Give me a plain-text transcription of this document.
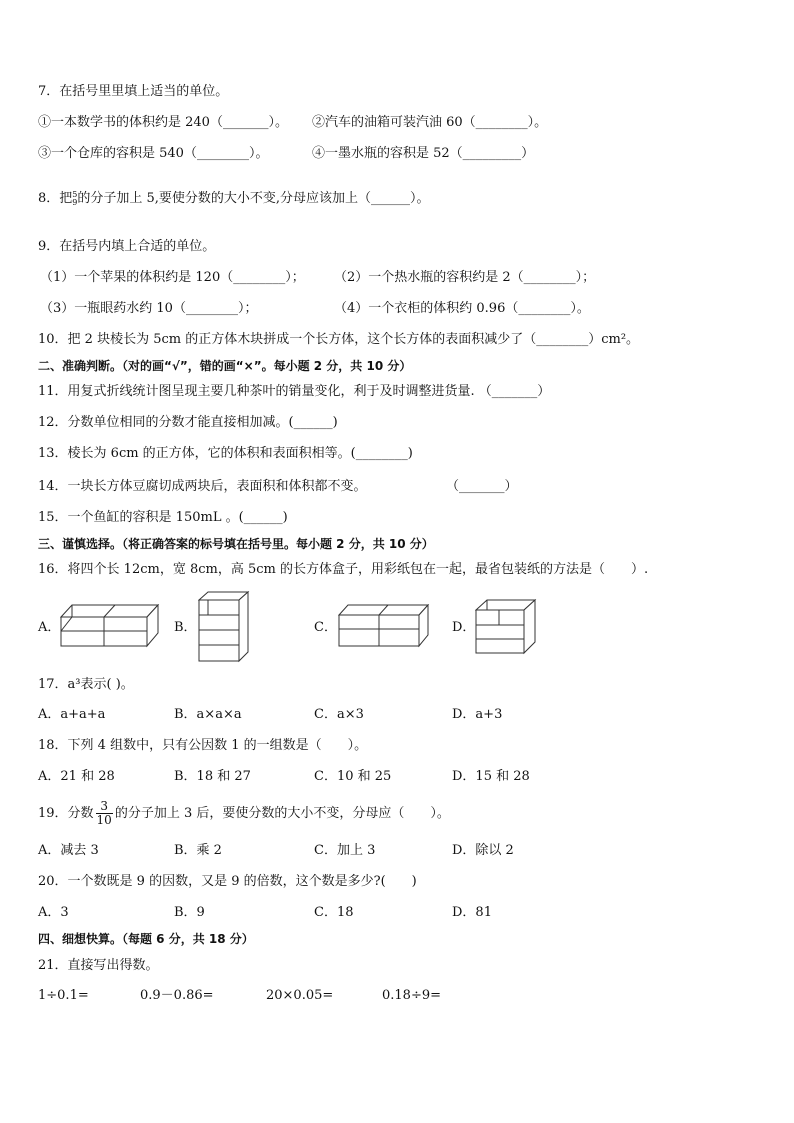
7．在括号里里填上适当的单位。
①一本数学书的体积约是 240（_______）。 ②汽车的油箱可装汽油 60（________）。
③一个仓库的容积是 540（________）。	④一墨水瓶的容积是 52（_________）
8．把 5
9 的分子加上 5,要使分数的大小不变,分母应该加上（______）。
9．在括号内填上合适的单位。
（1）一个苹果的体积约是 120（________）； （2）一个热水瓶的容积约是 2（________）；
（3）一瓶眼药水约 10（________）；	（4）一个衣柜的体积约 0.96（________）。
10．把 2 块棱长为 5cm 的正方体木块拼成一个长方体，这个长方体的表面积减少了（________）cm²。
二、准确判断。（对的画“√”，错的画“×”。每小题 2 分，共 10 分）
11．用复式折线统计图呈现主要几种茶叶的销量变化，利于及时调整进货量. （_______）
12．分数单位相同的分数才能直接相加减。(______)
13．棱长为 6cm 的正方体，它的体积和表面积相等。(________)
14．一块长方体豆腐切成两块后，表面积和体积都不变。	（_______）
15．一个鱼缸的容积是 150mL 。(______)
三、谨慎选择。（将正确答案的标号填在括号里。每小题 2 分，共 10 分）
16．将四个长 12cm，宽 8cm，高 5cm 的长方体盒子，用彩纸包在一起，最省包装纸的方法是（　　）.
A．	B．	C．	D．
17．a³表示( )。
A．a+a+a	B．a×a×a	C．a×3	D．a+3
18．下列 4 组数中，只有公因数 1 的一组数是（　　）。
A．21 和 28	B．18 和 27	C．10 和 25	D．15 和 28
19．分数 $\frac{3}{10}$ 的分子加上 3 后，要使分数的大小不变，分母应（　　）。
A．减去 3	B．乘 2	C．加上 3	D．除以 2
20．一个数既是 9 的因数，又是 9 的倍数，这个数是多少?(　　)
A．3	B．9	C．18	D．81
四、细想快算。（每题 6 分，共 18 分）
21．直接写出得数。
1÷0.1=	0.9－0.86=	20×0.05=	0.18÷9=
